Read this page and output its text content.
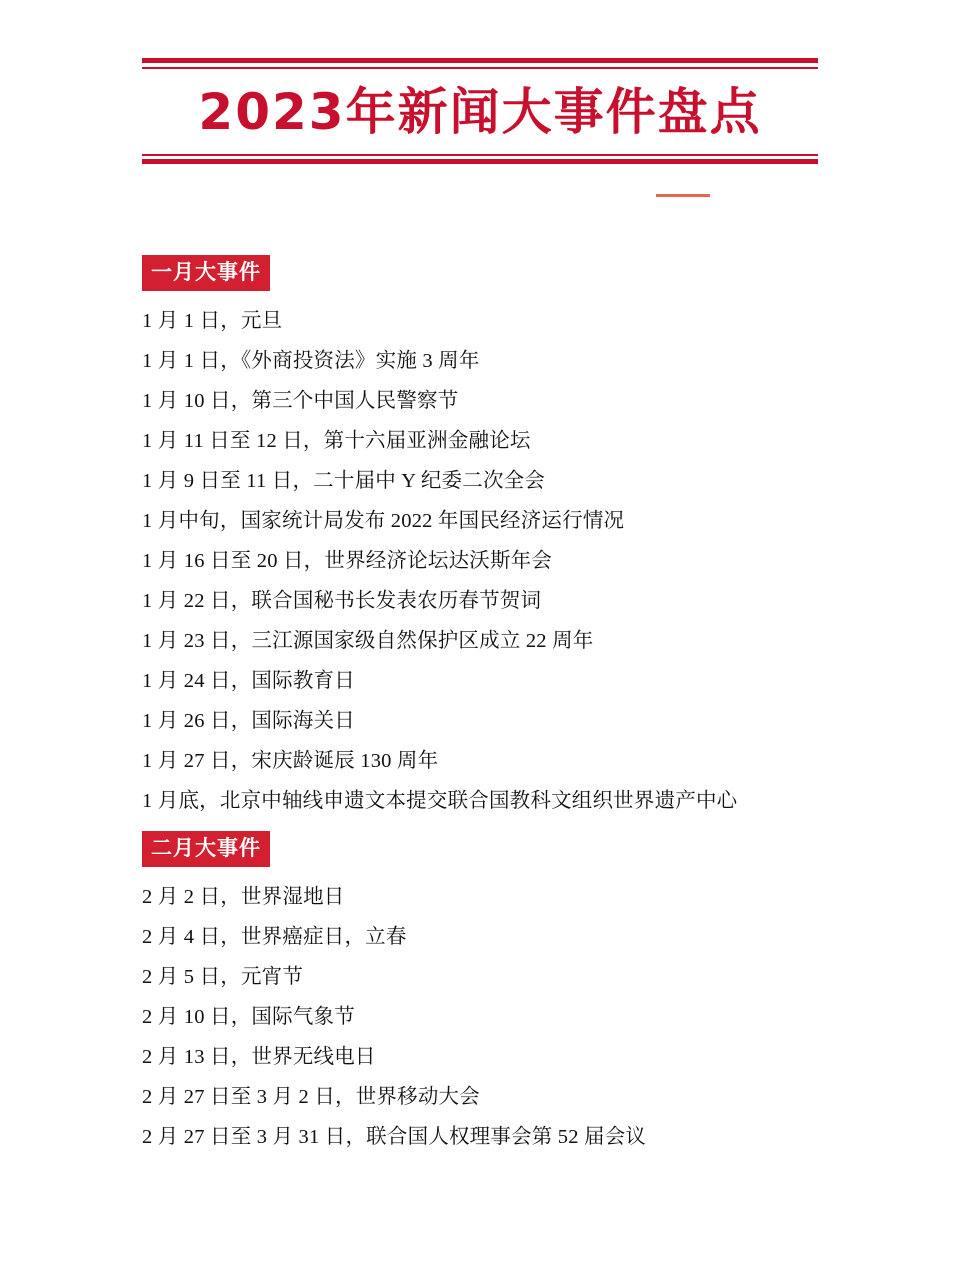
2023年新闻大事件盘点
一月大事件
1 月 1 日，元旦
1 月 1 日，《外商投资法》实施 3 周年
1 月 10 日，第三个中国人民警察节
1 月 11 日至 12 日，第十六届亚洲金融论坛
1 月 9 日至 11 日，二十届中 Y 纪委二次全会
1 月中旬，国家统计局发布 2022 年国民经济运行情况
1 月 16 日至 20 日，世界经济论坛达沃斯年会
1 月 22 日，联合国秘书长发表农历春节贺词
1 月 23 日，三江源国家级自然保护区成立 22 周年
1 月 24 日，国际教育日
1 月 26 日，国际海关日
1 月 27 日，宋庆龄诞辰 130 周年
1 月底，北京中轴线申遗文本提交联合国教科文组织世界遗产中心
二月大事件
2 月 2 日，世界湿地日
2 月 4 日，世界癌症日，立春
2 月 5 日，元宵节
2 月 10 日，国际气象节
2 月 13 日，世界无线电日
2 月 27 日至 3 月 2 日，世界移动大会
2 月 27 日至 3 月 31 日，联合国人权理事会第 52 届会议
